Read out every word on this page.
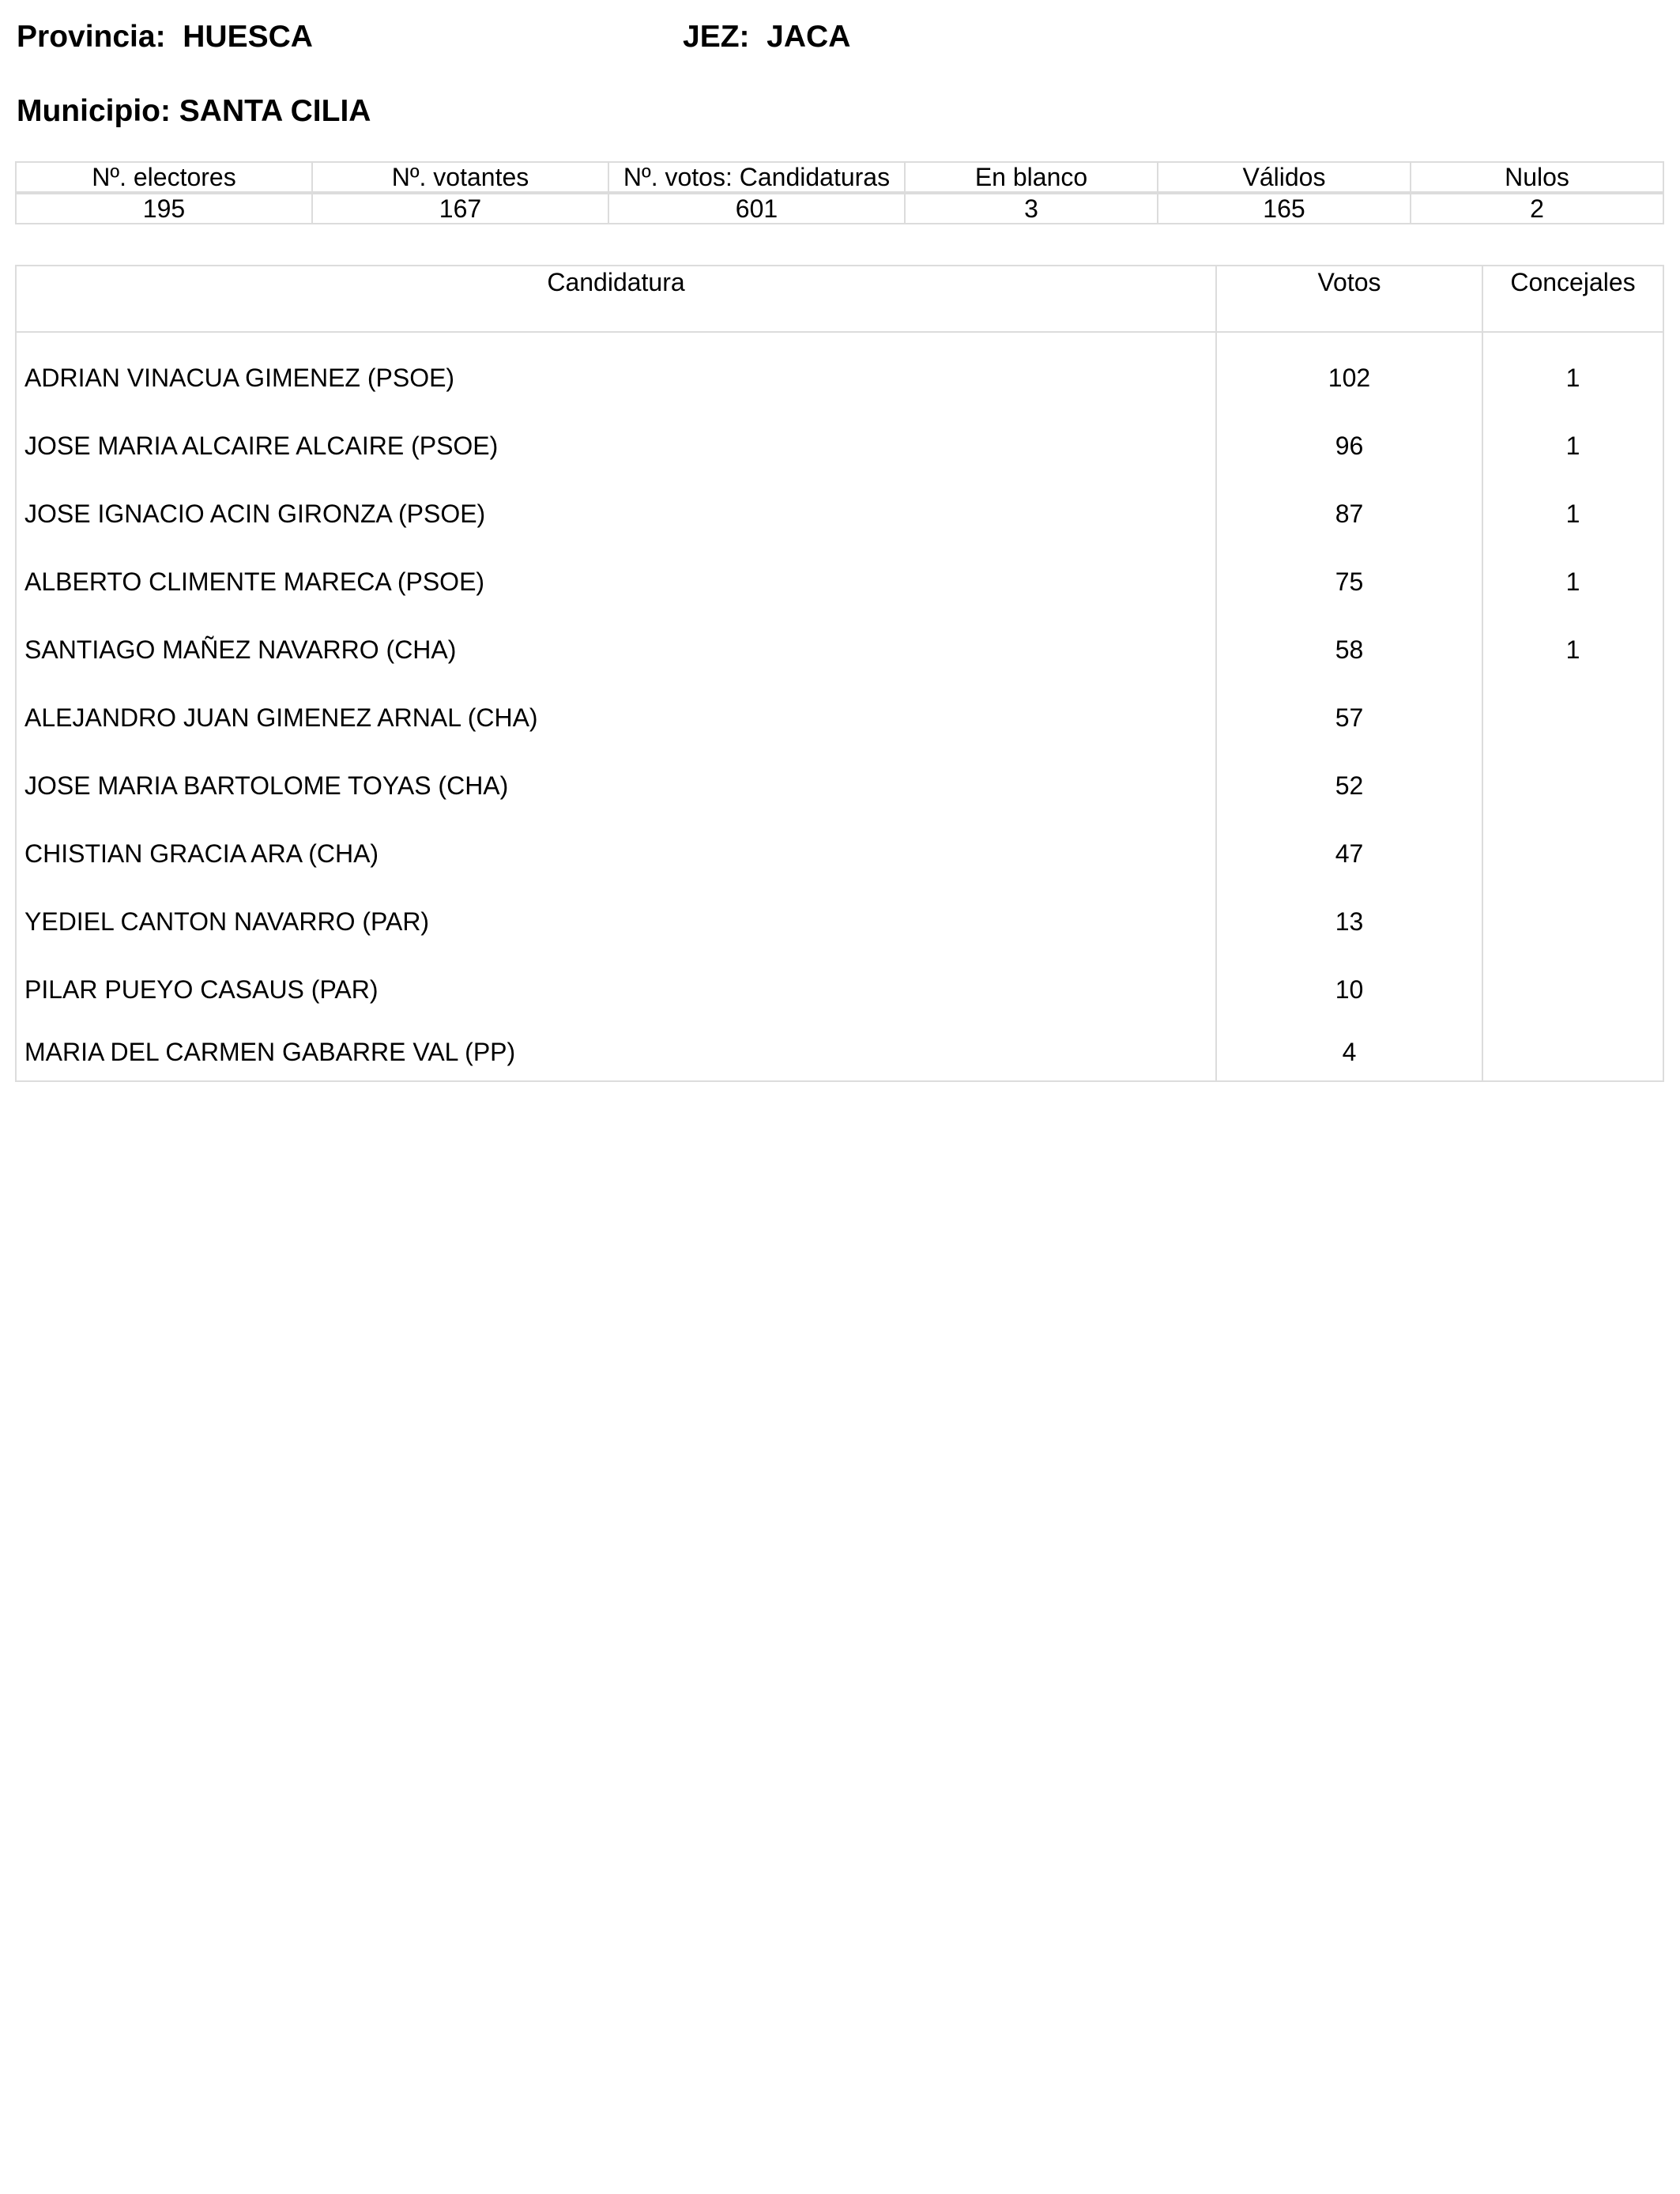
Provincia:  HUESCA	JEZ:  JACA
Municipio: SANTA CILIA
Nº. electores	Nº. votantes	Nº. votos: Candidaturas	En blanco	Válidos	Nulos

195	167	601	3	165	2
Candidatura	Votos	Concejales
ADRIAN VINACUA GIMENEZ (PSOE)	102	1
JOSE MARIA ALCAIRE ALCAIRE (PSOE)	96	1
JOSE IGNACIO ACIN GIRONZA (PSOE)	87	1
ALBERTO CLIMENTE MARECA (PSOE)	75	1
SANTIAGO MAÑEZ NAVARRO (CHA)	58	1
ALEJANDRO JUAN GIMENEZ ARNAL (CHA)	57	
JOSE MARIA BARTOLOME TOYAS (CHA)	52	
CHISTIAN GRACIA ARA (CHA)	47	
YEDIEL CANTON NAVARRO (PAR)	13	
PILAR PUEYO CASAUS (PAR)	10	
MARIA DEL CARMEN GABARRE VAL (PP)	4	
